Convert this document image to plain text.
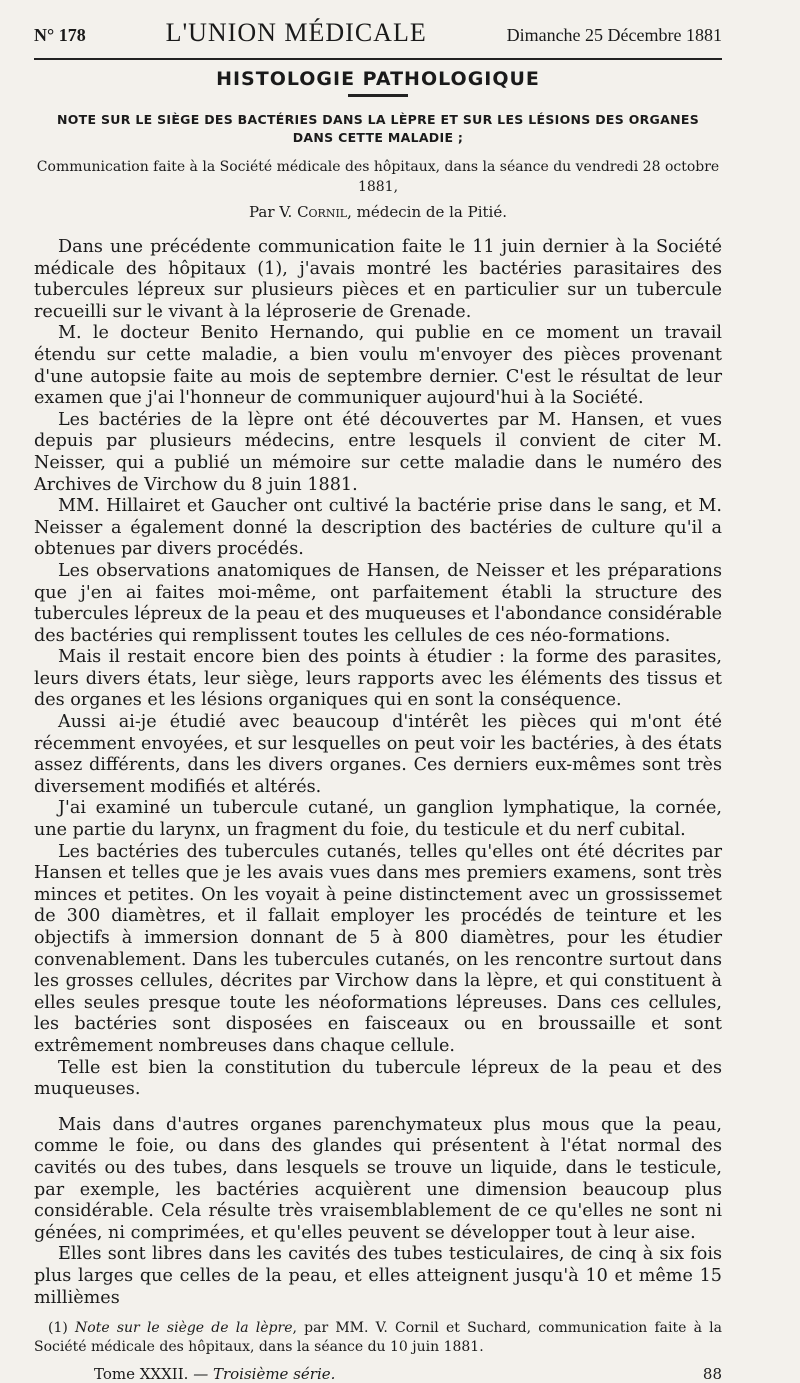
N° 178	L'UNION MÉDICALE	Dimanche 25 Décembre 1881
HISTOLOGIE PATHOLOGIQUE
NOTE SUR LE SIÈGE DES BACTÉRIES DANS LA LÈPRE ET SUR LES LÉSIONS DES ORGANES
DANS CETTE MALADIE ;
Communication faite à la Société médicale des hôpitaux, dans la séance du vendredi 28 octobre 1881,
Par V. Cornil, médecin de la Pitié.

Dans une précédente communication faite le 11 juin dernier à la Société médicale des hôpitaux (1), j'avais montré les bactéries parasitaires des tubercules lépreux sur plusieurs pièces et en particulier sur un tubercule recueilli sur le vivant à la léproserie de Grenade.

M. le docteur Benito Hernando, qui publie en ce moment un travail étendu sur cette maladie, a bien voulu m'envoyer des pièces provenant d'une autopsie faite au mois de septembre dernier. C'est le résultat de leur examen que j'ai l'honneur de communiquer aujourd'hui à la Société.

Les bactéries de la lèpre ont été découvertes par M. Hansen, et vues depuis par plusieurs médecins, entre lesquels il convient de citer M. Neisser, qui a publié un mémoire sur cette maladie dans le numéro des Archives de Virchow du 8 juin 1881.

MM. Hillairet et Gaucher ont cultivé la bactérie prise dans le sang, et M. Neisser a également donné la description des bactéries de culture qu'il a obtenues par divers procédés.

Les observations anatomiques de Hansen, de Neisser et les préparations que j'en ai faites moi-même, ont parfaitement établi la structure des tubercules lépreux de la peau et des muqueuses et l'abondance considérable des bactéries qui remplissent toutes les cellules de ces néo-formations.

Mais il restait encore bien des points à étudier : la forme des parasites, leurs divers états, leur siège, leurs rapports avec les éléments des tissus et des organes et les lésions organiques qui en sont la conséquence.

Aussi ai-je étudié avec beaucoup d'intérêt les pièces qui m'ont été récemment envoyées, et sur lesquelles on peut voir les bactéries, à des états assez différents, dans les divers organes. Ces derniers eux-mêmes sont très diversement modifiés et altérés.

J'ai examiné un tubercule cutané, un ganglion lymphatique, la cornée, une partie du larynx, un fragment du foie, du testicule et du nerf cubital.

Les bactéries des tubercules cutanés, telles qu'elles ont été décrites par Hansen et telles que je les avais vues dans mes premiers examens, sont très minces et petites. On les voyait à peine distinctement avec un grossissemet de 300 diamètres, et il fallait employer les procédés de teinture et les objectifs à immersion donnant de 5 à 800 diamètres, pour les étudier convenablement. Dans les tubercules cutanés, on les rencontre surtout dans les grosses cellules, décrites par Virchow dans la lèpre, et qui constituent à elles seules presque toute les néoformations lépreuses. Dans ces cellules, les bactéries sont disposées en faisceaux ou en broussaille et sont extrêmement nombreuses dans chaque cellule.

Telle est bien la constitution du tubercule lépreux de la peau et des muqueuses.

Mais dans d'autres organes parenchymateux plus mous que la peau, comme le foie, ou dans des glandes qui présentent à l'état normal des cavités ou des tubes, dans lesquels se trouve un liquide, dans le testicule, par exemple, les bactéries acquièrent une dimension beaucoup plus considérable. Cela résulte très vraisemblablement de ce qu'elles ne sont ni génées, ni comprimées, et qu'elles peuvent se développer tout à leur aise.

Elles sont libres dans les cavités des tubes testiculaires, de cinq à six fois plus larges que celles de la peau, et elles atteignent jusqu'à 10 et même 15 millièmes

(1) Note sur le siège de la lèpre, par MM. V. Cornil et Suchard, communication faite à la Société médicale des hôpitaux, dans la séance du 10 juin 1881.
Tome XXXII. — Troisième série.	88
